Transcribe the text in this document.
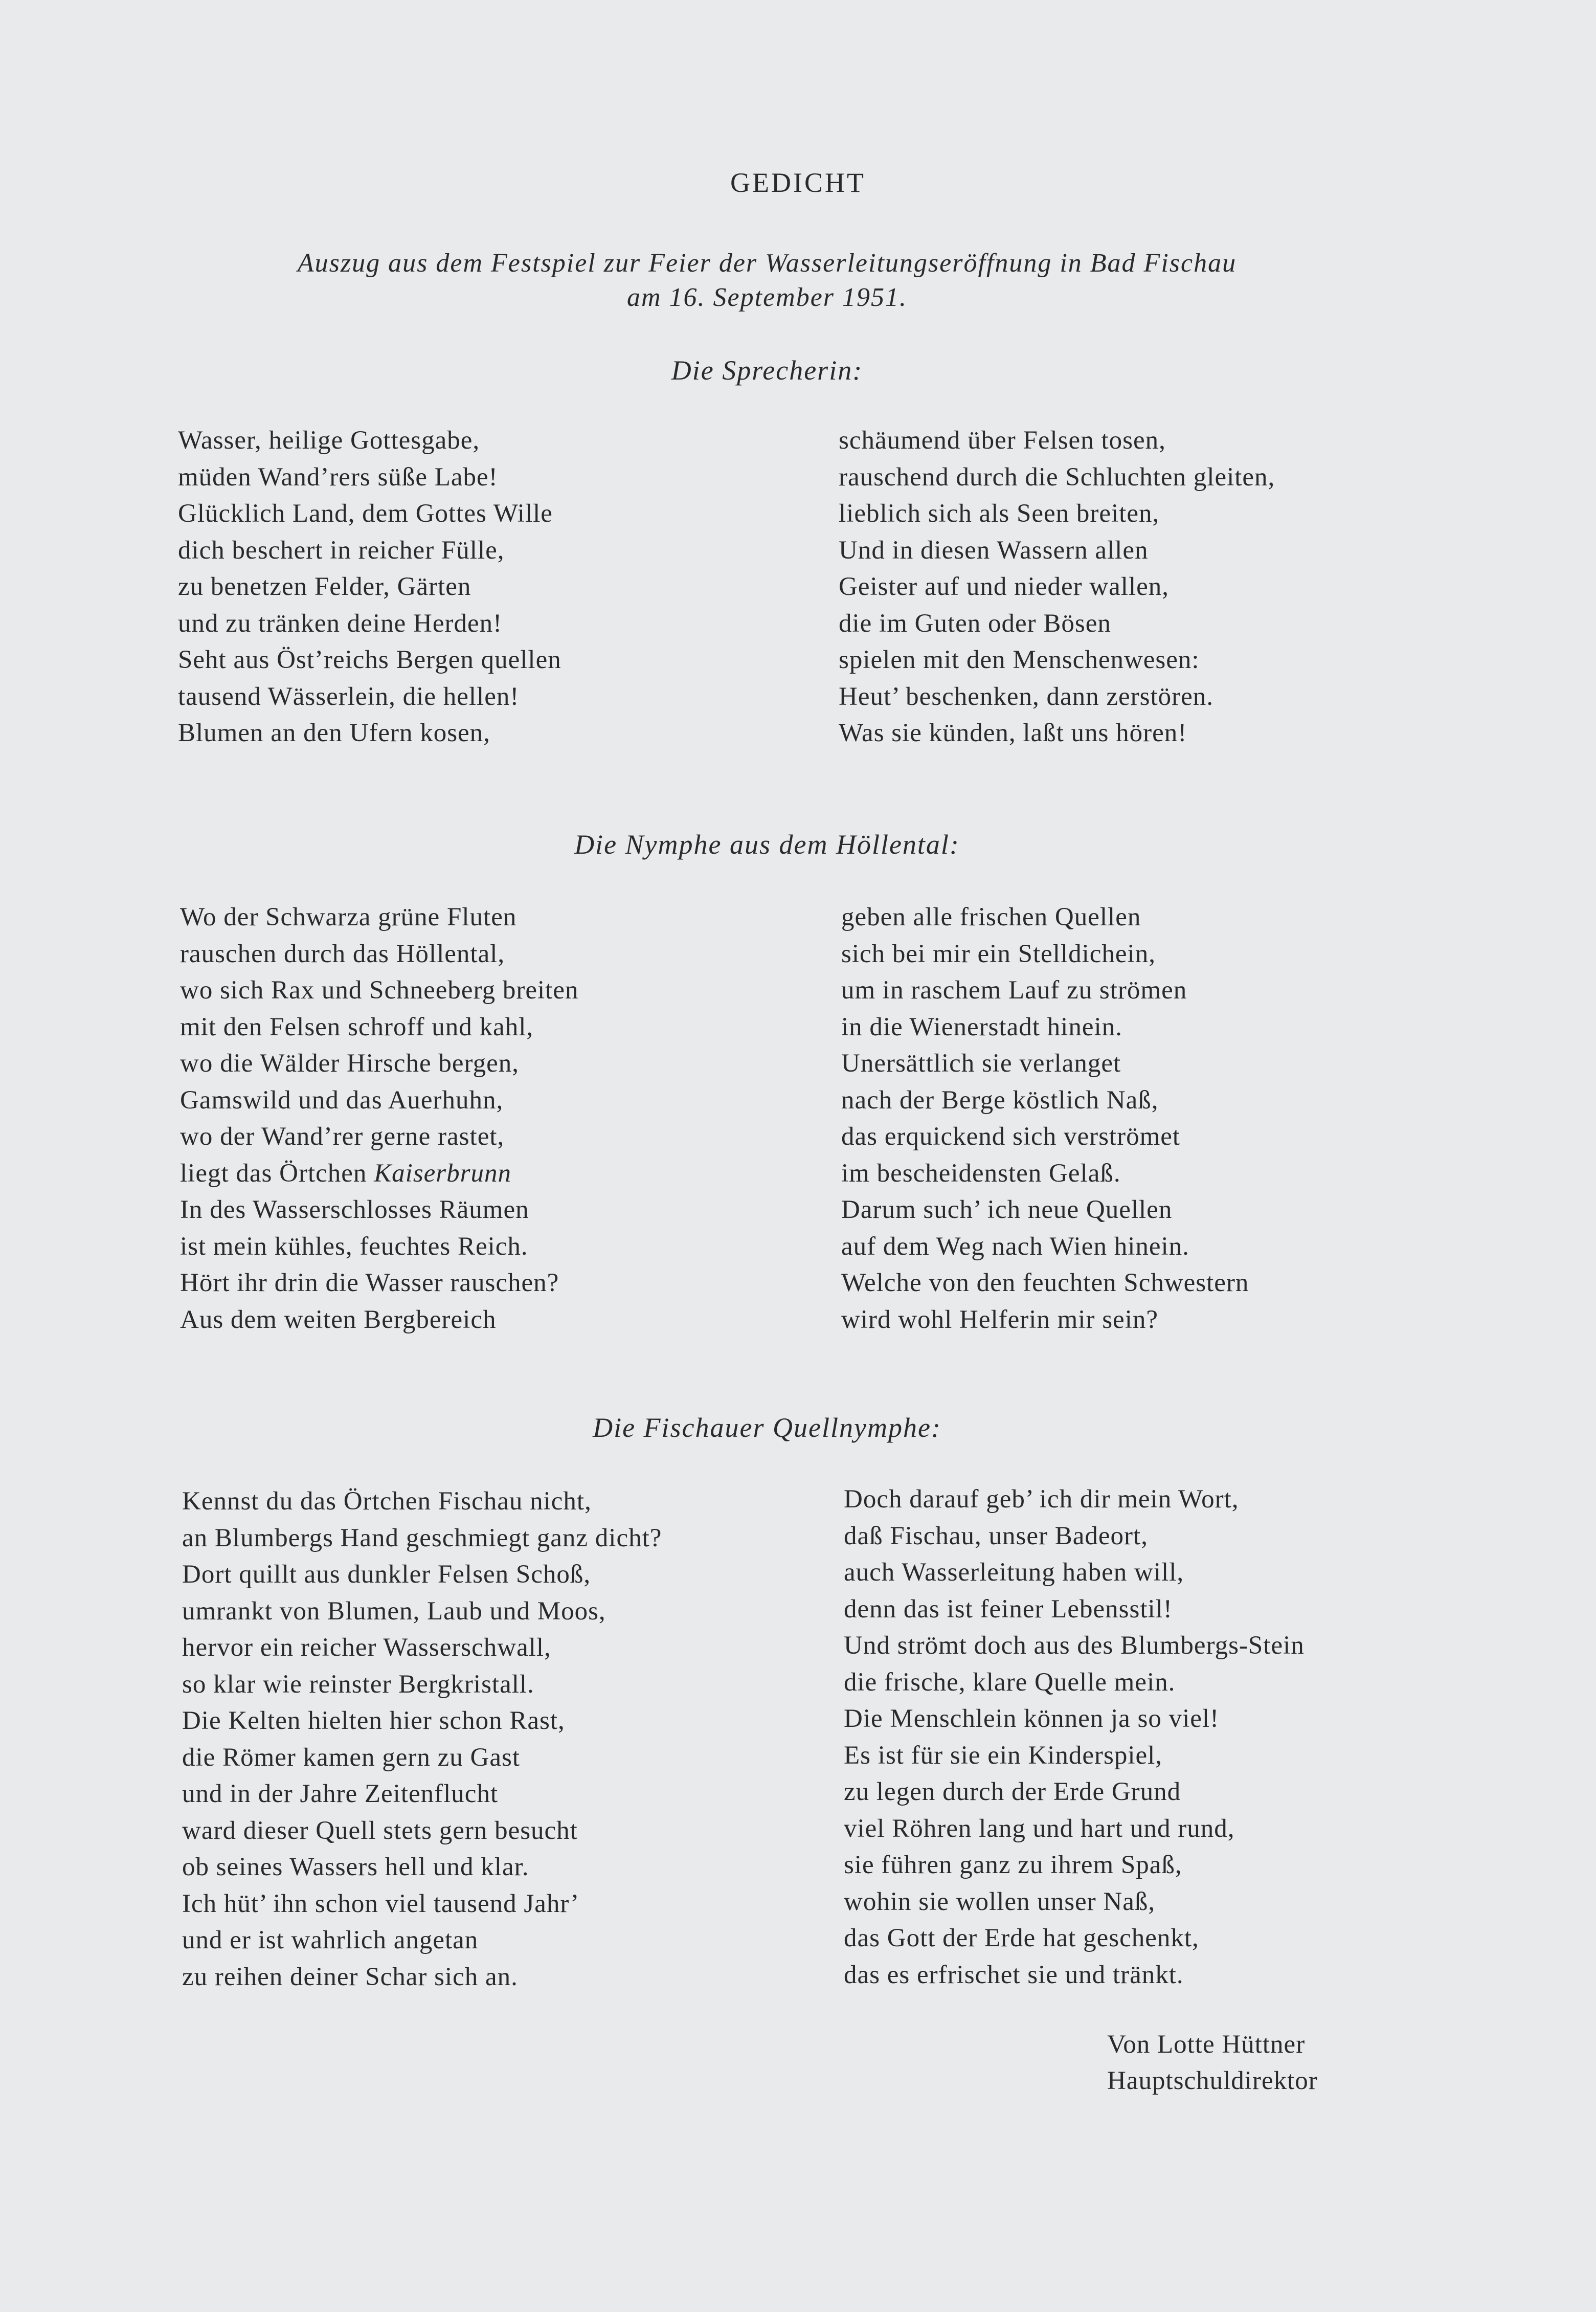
GEDICHT
Auszug aus dem Festspiel zur Feier der Wasserleitungseröffnung in Bad Fischau
am 16. September 1951.
Die Sprecherin:
Wasser, heilige Gottesgabe,
müden Wand’rers süße Labe!
Glücklich Land, dem Gottes Wille
dich beschert in reicher Fülle,
zu benetzen Felder, Gärten
und zu tränken deine Herden!
Seht aus Öst’reichs Bergen quellen
tausend Wässerlein, die hellen!
Blumen an den Ufern kosen,
schäumend über Felsen tosen,
rauschend durch die Schluchten gleiten,
lieblich sich als Seen breiten,
Und in diesen Wassern allen
Geister auf und nieder wallen,
die im Guten oder Bösen
spielen mit den Menschenwesen:
Heut’ beschenken, dann zerstören.
Was sie künden, laßt uns hören!
Die Nymphe aus dem Höllental:
Wo der Schwarza grüne Fluten
rauschen durch das Höllental,
wo sich Rax und Schneeberg breiten
mit den Felsen schroff und kahl,
wo die Wälder Hirsche bergen,
Gamswild und das Auerhuhn,
wo der Wand’rer gerne rastet,
liegt das Örtchen Kaiserbrunn
In des Wasserschlosses Räumen
ist mein kühles, feuchtes Reich.
Hört ihr drin die Wasser rauschen?
Aus dem weiten Bergbereich
geben alle frischen Quellen
sich bei mir ein Stelldichein,
um in raschem Lauf zu strömen
in die Wienerstadt hinein.
Unersättlich sie verlanget
nach der Berge köstlich Naß,
das erquickend sich verströmet
im bescheidensten Gelaß.
Darum such’ ich neue Quellen
auf dem Weg nach Wien hinein.
Welche von den feuchten Schwestern
wird wohl Helferin mir sein?
Die Fischauer Quellnymphe:
Kennst du das Örtchen Fischau nicht,
an Blumbergs Hand geschmiegt ganz dicht?
Dort quillt aus dunkler Felsen Schoß,
umrankt von Blumen, Laub und Moos,
hervor ein reicher Wasserschwall,
so klar wie reinster Bergkristall.
Die Kelten hielten hier schon Rast,
die Römer kamen gern zu Gast
und in der Jahre Zeitenflucht
ward dieser Quell stets gern besucht
ob seines Wassers hell und klar.
Ich hüt’ ihn schon viel tausend Jahr’
und er ist wahrlich angetan
zu reihen deiner Schar sich an.
Doch darauf geb’ ich dir mein Wort,
daß Fischau, unser Badeort,
auch Wasserleitung haben will,
denn das ist feiner Lebensstil!
Und strömt doch aus des Blumbergs-Stein
die frische, klare Quelle mein.
Die Menschlein können ja so viel!
Es ist für sie ein Kinderspiel,
zu legen durch der Erde Grund
viel Röhren lang und hart und rund,
sie führen ganz zu ihrem Spaß,
wohin sie wollen unser Naß,
das Gott der Erde hat geschenkt,
das es erfrischet sie und tränkt.
Von Lotte Hüttner
Hauptschuldirektor
